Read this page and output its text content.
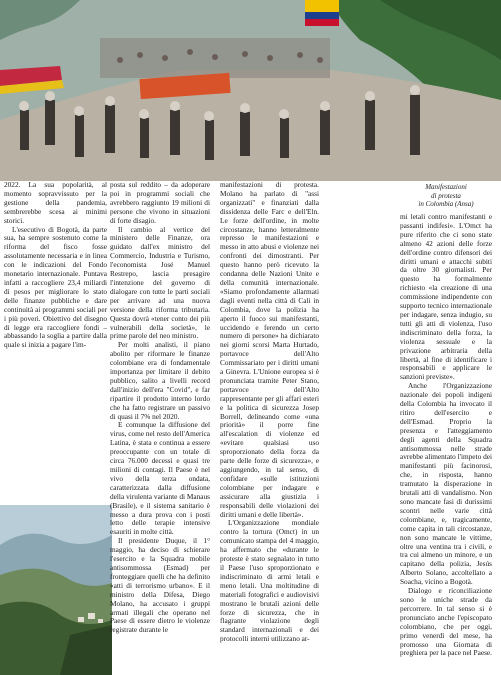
Manifestazioni
di protesta
in Colombia (Ansa)

2022. La sua popolarità, al momento sopravvissuto per la gestione della pandemia, sembrerebbe scesa ai minimi storici.

L'esecutivo di Bogotà, da parte sua, ha sempre sostenuto come la riforma del fisco fosse assolutamente necessaria e in linea con le indicazioni del Fondo monetario internazionale. Puntava infatti a raccogliere 23,4 miliardi di pesos per migliorare lo stato delle finanze pubbliche e dare continuità ai programmi sociali per i più poveri. Obiettivo del disegno di legge era raccogliere fondi – abbassando la soglia a partire dalla quale si inizia a pagare l'im-

posta sul reddito – da adoperare poi in programmi sociali che avrebbero raggiunto 19 milioni di persone che vivono in situazioni di forte disagio.

Il cambio al vertice del ministero delle Finanze, ora guidato dall'ex ministro del Commercio, Industria e Turismo, l'economista José Manuel Restrepo, lascia presagire l'intenzione del governo di dialogare con tutte le parti sociali per arrivare ad una nuova versione della riforma tributaria. Questa dovrà «tener conto dei più vulnerabili della società», le prime parole del neo ministro.

Per molti analisti, il piano abolito per riformare le finanze colombiane era di fondamentale importanza per limitare il debito pubblico, salito a livelli record dall'inizio dell'era "Covid", e far ripartire il prodotto interno lordo che ha fatto registrare un passivo di quasi il 7% nel 2020.

E comunque la diffusione del virus, come nel resto dell'America Latina, è stata e continua a essere preoccupante con un totale di circa 76.000 decessi e quasi tre milioni di contagi. Il Paese è nel vivo della terza ondata, caratterizzata dalla diffusione della virulenta variante di Manaus (Brasile), e il sistema sanitario è messo a dura prova con i posti letto delle terapie intensive esauriti in molte città.

Il presidente Duque, il 1° maggio, ha deciso di schierare l'esercito e la Squadra mobile antisommossa (Esmad) per fronteggiare quelli che ha definito «atti di terrorismo urbano». E il ministro della Difesa, Diego Molano, ha accusato i gruppi armati illegali che operano nel Paese di essere dietro le violenze registrate durante le

manifestazioni di protesta. Molano ha parlato di "assi organizzati" e finanziati dalla dissidenza delle Farc e dell'Eln. Le forze dell'ordine, in molte circostanze, hanno letteralmente represso le manifestazioni e messo in atto abusi e violenze nei confronti dei dimostranti. Per questo hanno però ricevuto la condanna delle Nazioni Unite e della comunità internazionale. «Siamo profondamente allarmati dagli eventi nella città di Cali in Colombia, dove la polizia ha aperto il fuoco sui manifestanti, uccidendo e ferendo un certo numero di persone» ha dichiarato nei giorni scorsi Marta Hurtado, portavoce dell'Alto Commissariato per i diritti umani a Ginevra. L'Unione europea si è pronunciata tramite Peter Stano, portavoce dell'Alto rappresentante per gli affari esteri e la politica di sicurezza Josep Borrell, delineando come «una priorità» il porre fine all'escalation di violenze ed «evitare qualsiasi uso sproporzionato della forza da parte delle forze di sicurezza», e aggiungendo, in tal senso, di confidare «sulle istituzioni colombiane per indagare e assicurare alla giustizia i responsabili delle violazioni dei diritti umani e delle libertà».

L'Organizzazione mondiale contro la tortura (Omct) in un comunicato stampa del 4 maggio, ha affermato che «durante le proteste è stato segnalato in tutto il Paese l'uso sproporzionato e indiscriminato di armi letali e meno letali. Una moltitudine di materiali fotografici e audiovisivi mostrano le brutali azioni delle forze di sicurezza, che in flagrante violazione degli standard internazionali e dei protocolli interni utilizzano ar-

mi letali contro manifestanti e passanti indifesi». L'Omct ha pure riferito che ci sono state almeno 42 azioni delle forze dell'ordine contro difensori dei diritti umani e attacchi subiti da oltre 30 giornalisti. Per questo ha formalmente richiesto «la creazione di una commissione indipendente con supporto tecnico internazionale per indagare, senza indugio, su tutti gli atti di violenza, l'uso indiscriminato della forza, la violenza sessuale e la privazione arbitraria della libertà, al fine di identificare i responsabili e applicare le sanzioni previste».

Anche l'Organizzazione nazionale dei popoli indigeni della Colombia ha invocato il ritiro dell'esercito e dell'Esmad. Proprio la presenza e l'atteggiamento degli agenti della Squadra antisommossa nelle strade avrebbe alimentato l'impeto dei manifestanti più facinorosi, che, in risposta, hanno tramutato la disperazione in brutali atti di vandalismo. Non sono mancate fasi di durissimi scontri nelle varie città colombiane, e, tragicamente, come capita in tali circostanze, non sono mancate le vittime, oltre una ventina tra i civili, e tra cui almeno un minore, e un capitano della polizia, Jesús Alberto Solano, accoltellato a Soacha, vicino a Bogotà.

Dialogo e riconciliazione sono le uniche strade da percorrere. In tal senso si è pronunciato anche l'episcopato colombiano, che per oggi, primo venerdì del mese, ha promosso una Giornata di preghiera per la pace nel Paese.
